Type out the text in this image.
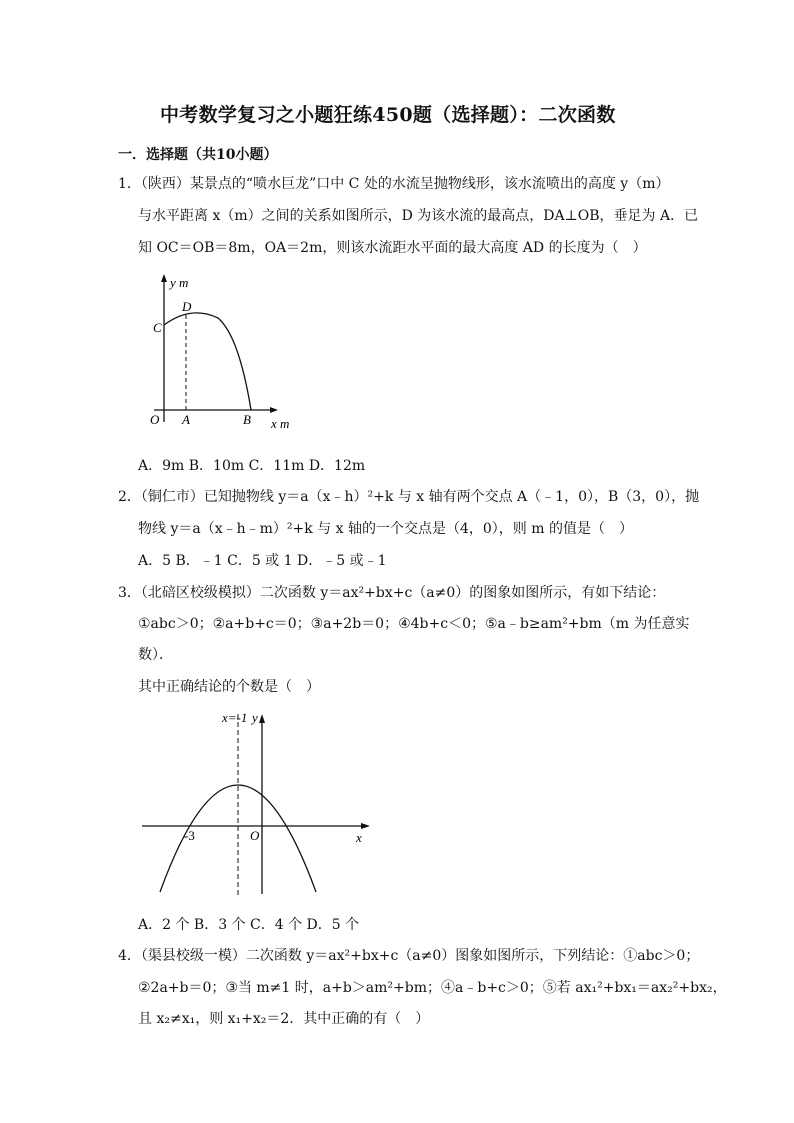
中考数学复习之小题狂练450题（选择题）：二次函数
一．选择题（共10小题）
1．（陕西）某景点的“喷水巨龙”口中 C 处的水流呈抛物线形，该水流喷出的高度 y（m）
与水平距离 x（m）之间的关系如图所示，D 为该水流的最高点，DA⊥OB，垂足为 A．已
知 OC＝OB＝8m，OA＝2m，则该水流距水平面的最大高度 AD 的长度为（　）
y m
D
C
O A	B x m
A．9m B．10m C．11m D．12m
2．（铜仁市）已知抛物线 y＝a（x﹣h）²+k 与 x 轴有两个交点 A（﹣1，0），B（3，0），抛
物线 y＝a（x﹣h﹣m）²+k 与 x 轴的一个交点是（4，0），则 m 的值是（　）
A．5 B．﹣1 C．5 或 1 D．﹣5 或﹣1
3．（北碚区校级模拟）二次函数 y＝ax²+bx+c（a≠0）的图象如图所示，有如下结论：
①abc＞0；②a+b+c＝0；③a+2b＝0；④4b+c＜0；⑤a﹣b≥am²+bm（m 为任意实
数）．
其中正确结论的个数是（　）
x=-1 y
-3	O	x
A．2 个 B．3 个 C．4 个 D．5 个
4．（渠县校级一模）二次函数 y＝ax²+bx+c（a≠0）图象如图所示，下列结论：①abc＞0；
②2a+b＝0；③当 m≠1 时，a+b＞am²+bm；④a﹣b+c＞0；⑤若 ax₁²+bx₁＝ax₂²+bx₂，
且 x₂≠x₁，则 x₁+x₂＝2．其中正确的有（　）
